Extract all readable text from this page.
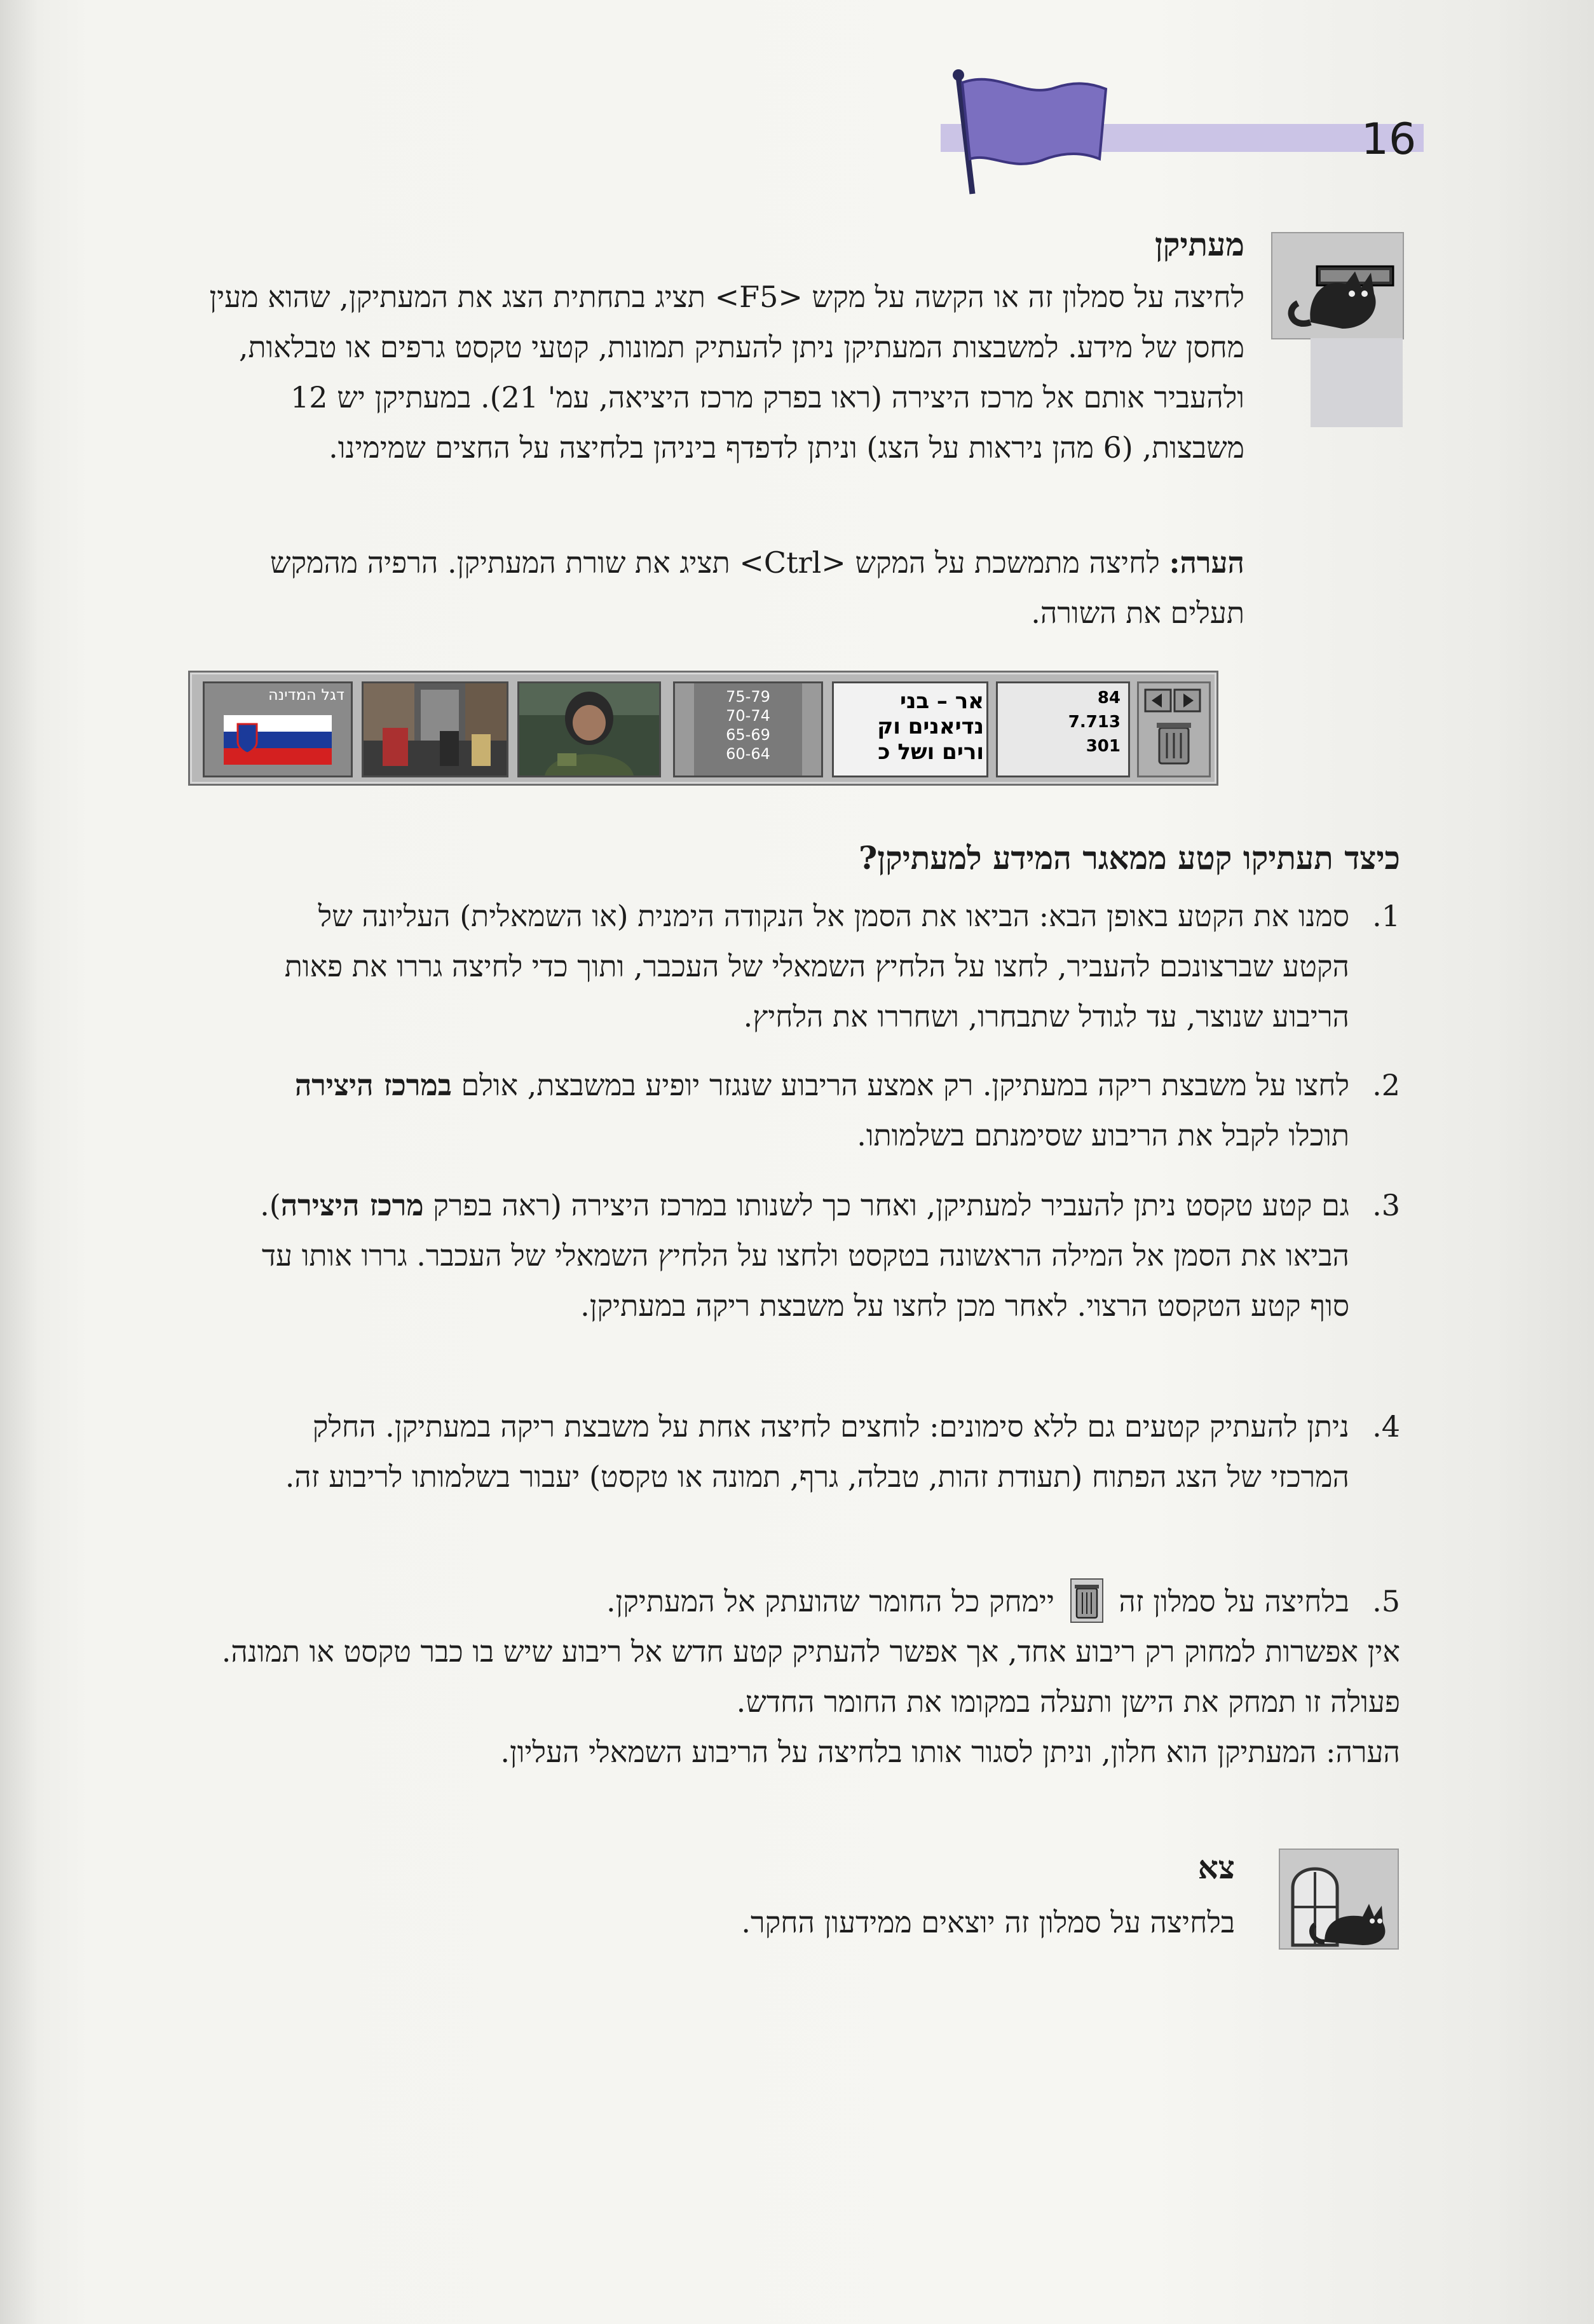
16
מעתיקן
לחיצה על סמלון זה או הקשה על מקש <F5> תציג בתחתית הצג את המעתיקן, שהוא מעין מחסן של מידע. למשבצות המעתיקן ניתן להעתיק תמונות, קטעי טקסט גרפים או טבלאות, ולהעביר אותם אל מרכז היצירה (ראו בפרק מרכז היציאה, עמ' 21). במעתיקן יש 12 משבצות, (6 מהן ניראות על הצג) וניתן לדפדף ביניהן בלחיצה על החצים שמימינו.
הערה: לחיצה מתמשכת על המקש <Ctrl> תציג את שורת המעתיקן. הרפיה מהמקש תעלים את השורה.
84
7.713
301
אר – בני
נדיאנים וק
ורים ושל כ
75-79
70-74
65-69
60-64
דגל המדינה
כיצד תעתיקו קטע ממאגר המידע למעתיקן?
1.
סמנו את הקטע באופן הבא: הביאו את הסמן אל הנקודה הימנית (או השמאלית) העליונה של הקטע שברצונכם להעביר, לחצו על הלחיץ השמאלי של העכבר, ותוך כדי לחיצה גררו את פאות הריבוע שנוצר, עד לגודל שתבחרו, ושחררו את הלחיץ.
2.
לחצו על משבצת ריקה במעתיקן. רק אמצע הריבוע שנגזר יופיע במשבצת, אולם במרכז היצירה תוכלו לקבל את הריבוע שסימנתם בשלמותו.
3.
גם קטע טקסט ניתן להעביר למעתיקן, ואחר כך לשנותו במרכז היצירה (ראה בפרק מרכז היצירה). הביאו את הסמן אל המילה הראשונה בטקסט ולחצו על הלחיץ השמאלי של העכבר. גררו אותו עד סוף קטע הטקסט הרצוי. לאחר מכן לחצו על משבצת ריקה במעתיקן.
4.
ניתן להעתיק קטעים גם ללא סימונים: לוחצים לחיצה אחת על משבצת ריקה במעתיקן. החלק המרכזי של הצג הפתוח (תעודת זהות, טבלה, גרף, תמונה או טקסט) יעבור בשלמותו לריבוע זה.
5.
בלחיצה על סמלון זה  יימחק כל החומר שהועתק אל המעתיקן.
אין אפשרות למחוק רק ריבוע אחד, אך אפשר להעתיק קטע חדש אל ריבוע שיש בו כבר טקסט או תמונה. פעולה זו תמחק את הישן ותעלה במקומו את החומר החדש.
הערה: המעתיקן הוא חלון, וניתן לסגור אותו בלחיצה על הריבוע השמאלי העליון.
צא
בלחיצה על סמלון זה יוצאים ממידעון החקר.
